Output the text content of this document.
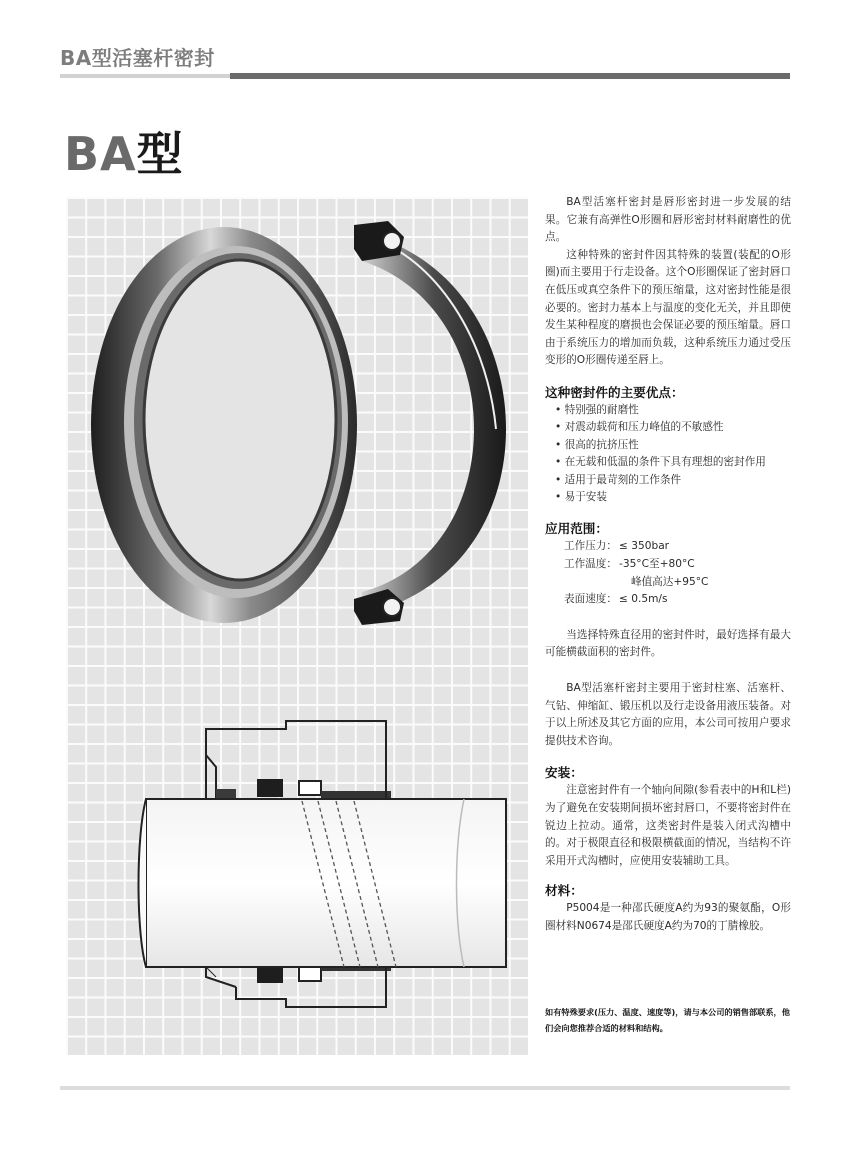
BA型活塞杆密封
BA型

BA型活塞杆密封是唇形密封进一步发展的结果。它兼有高弹性O形圈和唇形密封材料耐磨性的优点。

这种特殊的密封件因其特殊的装置(装配的O形圈)而主要用于行走设备。这个O形圈保证了密封唇口在低压或真空条件下的预压缩量，这对密封性能是很必要的。密封力基本上与温度的变化无关，并且即使发生某种程度的磨损也会保证必要的预压缩量。唇口由于系统压力的增加而负载，这种系统压力通过受压变形的O形圈传递至唇上。

这种密封件的主要优点：
• 特别强的耐磨性
• 对震动载荷和压力峰值的不敏感性
• 很高的抗挤压性
• 在无载和低温的条件下具有理想的密封作用
• 适用于最苛刻的工作条件
• 易于安装
应用范围：
工作压力： ≤ 350bar
工作温度： -35°C至+80°C
峰值高达+95°C
表面速度： ≤ 0.5m/s

当选择特殊直径用的密封件时，最好选择有最大可能横截面积的密封件。

BA型活塞杆密封主要用于密封柱塞、活塞杆、气钻、伸缩缸、锻压机以及行走设备用液压装备。对于以上所述及其它方面的应用，本公司可按用户要求提供技术咨询。

安装：

注意密封件有一个轴向间隙(参看表中的H和L栏)为了避免在安装期间损坏密封唇口，不要将密封件在锐边上拉动。通常，这类密封件是装入闭式沟槽中的。对于极限直径和极限横截面的情况，当结构不许采用开式沟槽时，应使用安装辅助工具。

材料：

P5004是一种邵氏硬度A约为93的聚氨酯，O形圈材料N0674是邵氏硬度A约为70的丁腈橡胶。

如有特殊要求(压力、温度、速度等)，请与本公司的销售部联系，他们会向您推荐合适的材料和结构。
